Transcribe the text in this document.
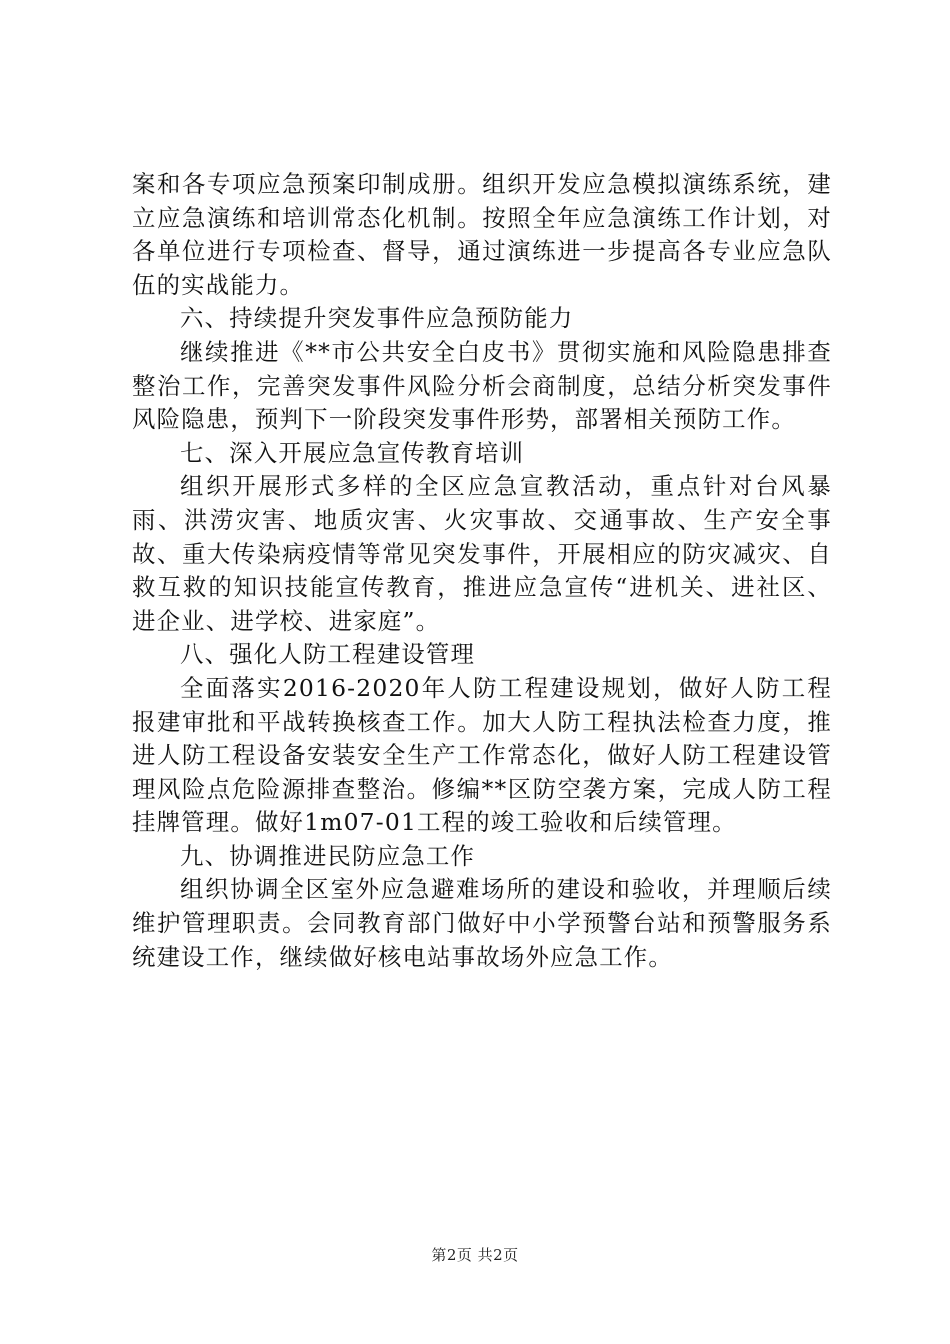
案和各专项应急预案印制成册。组织开发应急模拟演练系统，建立应急演练和培训常态化机制。按照全年应急演练工作计划，对各单位进行专项检查、督导，通过演练进一步提高各专业应急队伍的实战能力。

六、持续提升突发事件应急预防能力

继续推进《**市公共安全白皮书》贯彻实施和风险隐患排查整治工作，完善突发事件风险分析会商制度，总结分析突发事件风险隐患，预判下一阶段突发事件形势，部署相关预防工作。

七、深入开展应急宣传教育培训

组织开展形式多样的全区应急宣教活动，重点针对台风暴雨、洪涝灾害、地质灾害、火灾事故、交通事故、生产安全事故、重大传染病疫情等常见突发事件，开展相应的防灾减灾、自救互救的知识技能宣传教育，推进应急宣传“进机关、进社区、进企业、进学校、进家庭”。

八、强化人防工程建设管理

全面落实2016-2020年人防工程建设规划，做好人防工程报建审批和平战转换核查工作。加大人防工程执法检查力度，推进人防工程设备安装安全生产工作常态化，做好人防工程建设管理风险点危险源排查整治。修编**区防空袭方案，完成人防工程挂牌管理。做好1m07-01工程的竣工验收和后续管理。

九、协调推进民防应急工作

组织协调全区室外应急避难场所的建设和验收，并理顺后续维护管理职责。会同教育部门做好中小学预警台站和预警服务系统建设工作，继续做好核电站事故场外应急工作。

第2页 共2页
